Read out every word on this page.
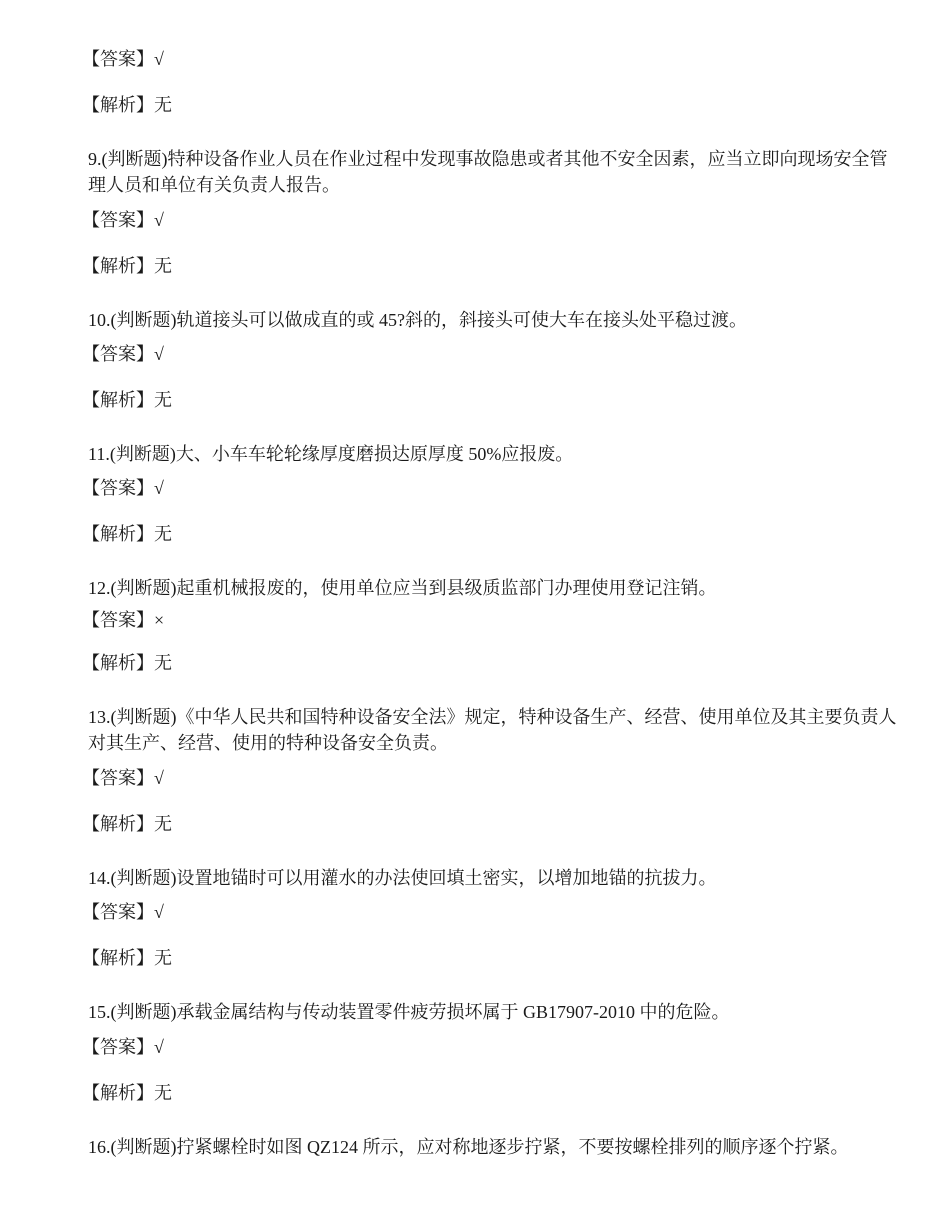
【答案】√
【解析】无
9.(判断题)特种设备作业人员在作业过程中发现事故隐患或者其他不安全因素，应当立即向现场安全管理人员和单位有关负责人报告。
【答案】√
【解析】无
10.(判断题)轨道接头可以做成直的或 45?斜的，斜接头可使大车在接头处平稳过渡。
【答案】√
【解析】无
11.(判断题)大、小车车轮轮缘厚度磨损达原厚度 50%应报废。
【答案】√
【解析】无
12.(判断题)起重机械报废的，使用单位应当到县级质监部门办理使用登记注销。
【答案】×
【解析】无
13.(判断题)《中华人民共和国特种设备安全法》规定，特种设备生产、经营、使用单位及其主要负责人对其生产、经营、使用的特种设备安全负责。
【答案】√
【解析】无
14.(判断题)设置地锚时可以用灌水的办法使回填土密实，以增加地锚的抗拔力。
【答案】√
【解析】无
15.(判断题)承载金属结构与传动装置零件疲劳损坏属于 GB17907-2010 中的危险。
【答案】√
【解析】无
16.(判断题)拧紧螺栓时如图 QZ124 所示，应对称地逐步拧紧，不要按螺栓排列的顺序逐个拧紧。
